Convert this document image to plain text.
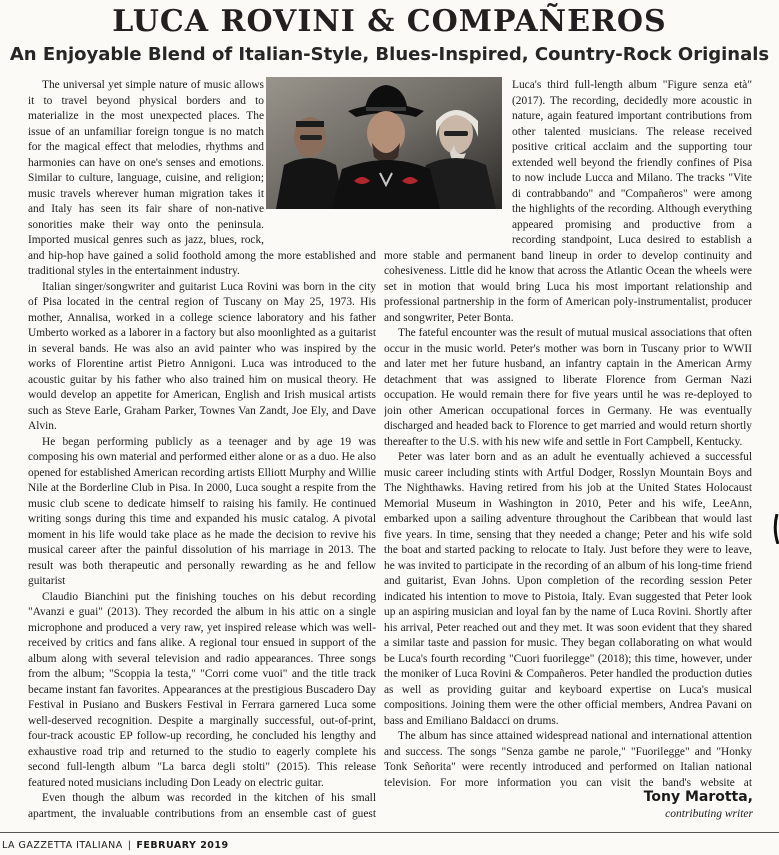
LUCA ROVINI & COMPAÑEROS
An Enjoyable Blend of Italian-Style, Blues-Inspired, Country-Rock Originals

The universal yet simple nature of music allows it to travel beyond physical borders and to materialize in the most unexpected places. The issue of an unfamiliar foreign tongue is no match for the magical effect that melodies, rhythms and harmonies can have on one's senses and emotions. Similar to culture, language, cuisine, and religion; music travels wherever human migration takes it and Italy has seen its fair share of non-native sonorities make their way onto the peninsula. Imported musical genres such as jazz, blues, rock, and hip-hop have gained a solid foothold among the more established and traditional styles in the entertainment industry.

Italian singer/songwriter and guitarist Luca Rovini was born in the city of Pisa located in the central region of Tuscany on May 25, 1973. His mother, Annalisa, worked in a college science laboratory and his father Umberto worked as a laborer in a factory but also moonlighted as a guitarist in several bands. He was also an avid painter who was inspired by the works of Florentine artist Pietro Annigoni. Luca was introduced to the acoustic guitar by his father who also trained him on musical theory. He would develop an appetite for American, English and Irish musical artists such as Steve Earle, Graham Parker, Townes Van Zandt, Joe Ely, and Dave Alvin.

He began performing publicly as a teenager and by age 19 was composing his own material and performed either alone or as a duo. He also opened for established American recording artists Elliott Murphy and Willie Nile at the Borderline Club in Pisa. In 2000, Luca sought a respite from the music club scene to dedicate himself to raising his family. He continued writing songs during this time and expanded his music catalog. A pivotal moment in his life would take place as he made the decision to revive his musical career after the painful dissolution of his marriage in 2013. The result was both therapeutic and personally rewarding as he and fellow guitarist

Claudio Bianchini put the finishing touches on his debut recording "Avanzi e guai" (2013). They recorded the album in his attic on a single microphone and produced a very raw, yet inspired release which was well-received by critics and fans alike. A regional tour ensued in support of the album along with several television and radio appearances. Three songs from the album; "Scoppia la testa," "Corri come vuoi" and the title track became instant fan favorites. Appearances at the prestigious Buscadero Day Festival in Pusiano and Buskers Festival in Ferrara garnered Luca some well-deserved recognition. Despite a marginally successful, out-of-print, four-track acoustic EP follow-up recording, he concluded his lengthy and exhaustive road trip and returned to the studio to eagerly complete his second full-length album "La barca degli stolti" (2015). This release featured noted musicians including Don Leady on electric guitar.

Even though the album was recorded in the kitchen of his small apartment, the invaluable contributions from an ensemble cast of guest

Luca's third full-length album "Figure senza età" (2017). The recording, decidedly more acoustic in nature, again featured important contributions from other talented musicians. The release received positive critical acclaim and the supporting tour extended well beyond the friendly confines of Pisa to now include Lucca and Milano. The tracks "Vite di contrabbando" and "Compañeros" were among the highlights of the recording. Although everything appeared promising and productive from a recording standpoint, Luca desired to establish a more stable and permanent band lineup in order to develop continuity and cohesiveness. Little did he know that across the Atlantic Ocean the wheels were set in motion that would bring Luca his most important relationship and professional partnership in the form of American poly-instrumentalist, producer and songwriter, Peter Bonta.

The fateful encounter was the result of mutual musical associations that often occur in the music world. Peter's mother was born in Tuscany prior to WWII and later met her future husband, an infantry captain in the American Army detachment that was assigned to liberate Florence from German Nazi occupation. He would remain there for five years until he was re-deployed to join other American occupational forces in Germany. He was eventually discharged and headed back to Florence to get married and would return shortly thereafter to the U.S. with his new wife and settle in Fort Campbell, Kentucky.

Peter was later born and as an adult he eventually achieved a successful music career including stints with Artful Dodger, Rosslyn Mountain Boys and The Nighthawks. Having retired from his job at the United States Holocaust Memorial Museum in Washington in 2010, Peter and his wife, LeeAnn, embarked upon a sailing adventure throughout the Caribbean that would last five years. In time, sensing that they needed a change; Peter and his wife sold the boat and started packing to relocate to Italy. Just before they were to leave, he was invited to participate in the recording of an album of his long-time friend and guitarist, Evan Johns. Upon completion of the recording session Peter indicated his intention to move to Pistoia, Italy. Evan suggested that Peter look up an aspiring musician and loyal fan by the name of Luca Rovini. Shortly after his arrival, Peter reached out and they met. It was soon evident that they shared a similar taste and passion for music. They began collaborating on what would be Luca's fourth recording "Cuori fuorilegge" (2018); this time, however, under the moniker of Luca Rovini & Compañeros. Peter handled the production duties as well as providing guitar and keyboard expertise on Luca's musical compositions. Joining them were the other official members, Andrea Pavani on bass and Emiliano Baldacci on drums.

The album has since attained widespread national and international attention and success. The songs "Senza gambe ne parole," "Fuorilegge" and "Honky Tonk Señorita" were recently introduced and performed on Italian national television. For more information you can visit the band's website at

Tony Marotta,
contributing writer
LA GAZZETTA ITALIANA | FEBRUARY 2019
